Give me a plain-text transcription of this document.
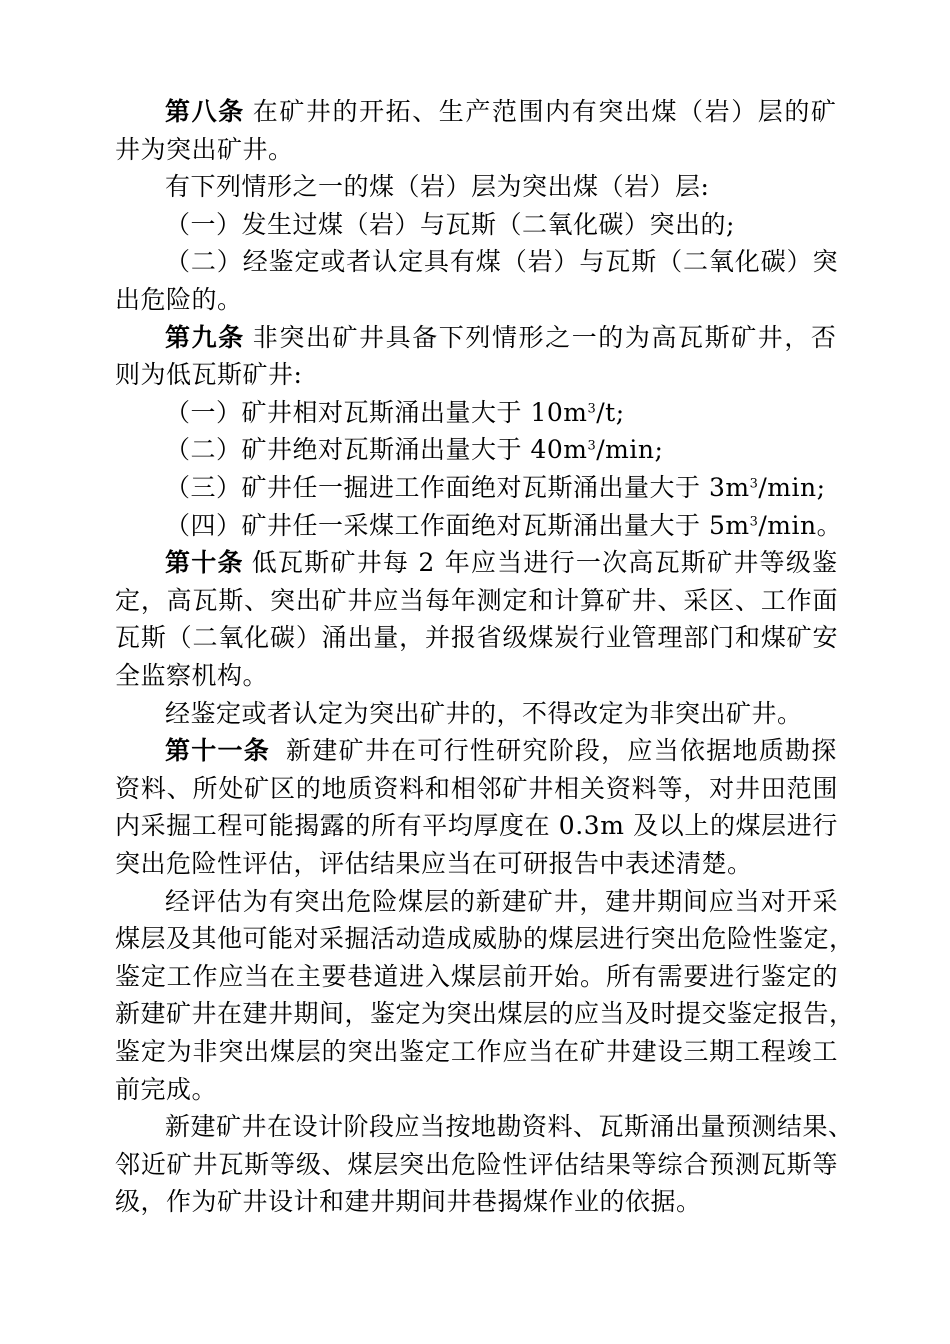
第八条 在矿井的开拓、生产范围内有突出煤（岩）层的矿
井为突出矿井。
有下列情形之一的煤（岩）层为突出煤（岩）层:
（一）发生过煤（岩）与瓦斯（二氧化碳）突出的;
（二）经鉴定或者认定具有煤（岩）与瓦斯（二氧化碳）突
出危险的。
第九条 非突出矿井具备下列情形之一的为高瓦斯矿井，否
则为低瓦斯矿井:
（一）矿井相对瓦斯涌出量大于 $10m^3/t$;
（二）矿井绝对瓦斯涌出量大于 $40m^3/\min$;
（三）矿井任一掘进工作面绝对瓦斯涌出量大于 $3m^3/\min$;
（四）矿井任一采煤工作面绝对瓦斯涌出量大于 $5m^3/\min$。
第十条 低瓦斯矿井每 2 年应当进行一次高瓦斯矿井等级鉴
定，高瓦斯、突出矿井应当每年测定和计算矿井、采区、工作面
瓦斯（二氧化碳）涌出量，并报省级煤炭行业管理部门和煤矿安
全监察机构。
经鉴定或者认定为突出矿井的，不得改定为非突出矿井。
第十一条 新建矿井在可行性研究阶段，应当依据地质勘探
资料、所处矿区的地质资料和相邻矿井相关资料等，对井田范围
内采掘工程可能揭露的所有平均厚度在 0.3m 及以上的煤层进行
突出危险性评估，评估结果应当在可研报告中表述清楚。
经评估为有突出危险煤层的新建矿井，建井期间应当对开采
煤层及其他可能对采掘活动造成威胁的煤层进行突出危险性鉴定，
鉴定工作应当在主要巷道进入煤层前开始。所有需要进行鉴定的
新建矿井在建井期间，鉴定为突出煤层的应当及时提交鉴定报告，
鉴定为非突出煤层的突出鉴定工作应当在矿井建设三期工程竣工
前完成。
新建矿井在设计阶段应当按地勘资料、瓦斯涌出量预测结果、
邻近矿井瓦斯等级、煤层突出危险性评估结果等综合预测瓦斯等
级，作为矿井设计和建井期间井巷揭煤作业的依据。
